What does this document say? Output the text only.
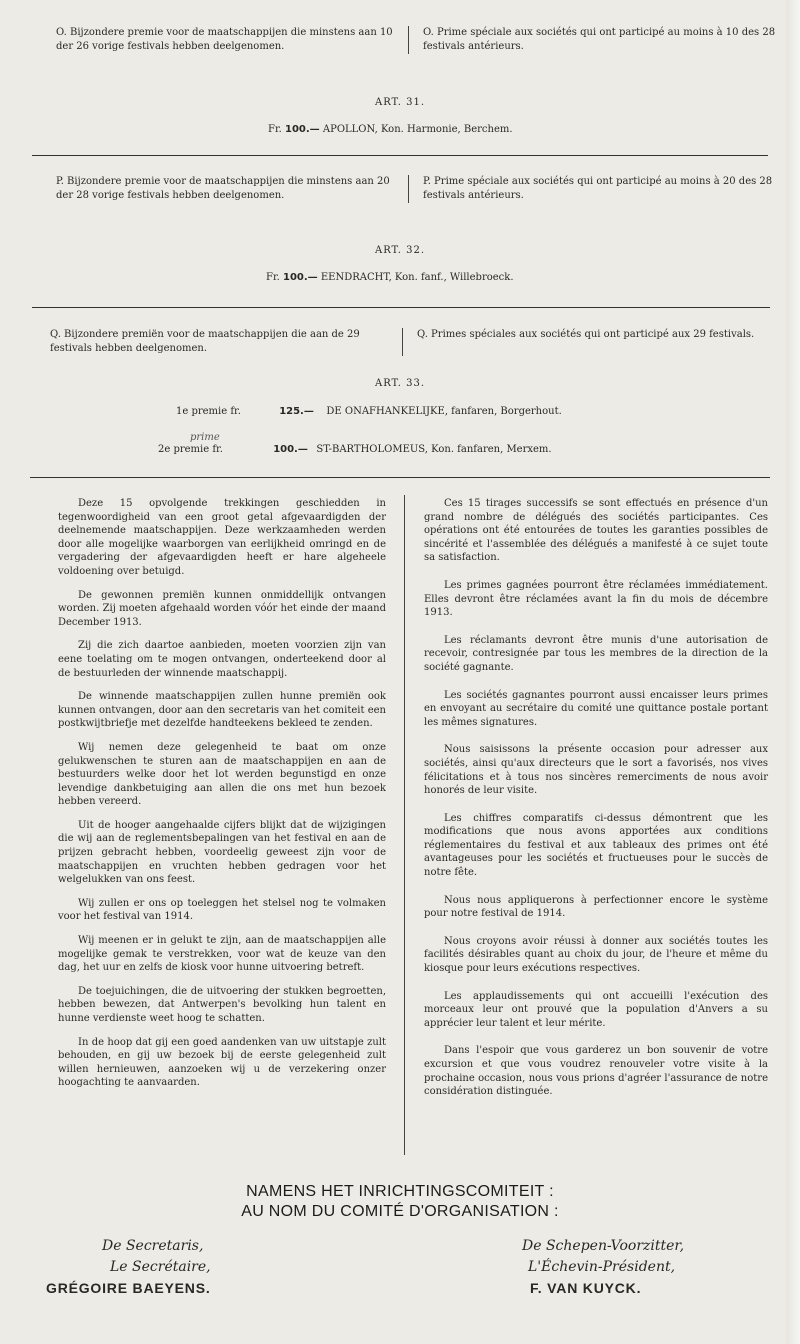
O. Bijzondere premie voor de maatschappijen die minstens aan 10 der 26 vorige festivals hebben deelgenomen.
O. Prime spéciale aux sociétés qui ont participé au moins à 10 des 28 festivals antérieurs.
ART. 31.
Fr. 100.— APOLLON, Kon. Harmonie, Berchem.
P. Bijzondere premie voor de maatschappijen die minstens aan 20 der 28 vorige festivals hebben deelgenomen.
P. Prime spéciale aux sociétés qui ont participé au moins à 20 des 28 festivals antérieurs.
ART. 32.
Fr. 100.— EENDRACHT, Kon. fanf., Willebroeck.
Q. Bijzondere premiën voor de maatschappijen die aan de 29 festivals hebben deelgenomen.
Q. Primes spéciales aux sociétés qui ont participé aux 29 festivals.
ART. 33.
1e premie fr.	125.— DE ONAFHANKELIJKE, fanfaren, Borgerhout.
prime
2e premie fr.	100.— ST-BARTHOLOMEUS, Kon. fanfaren, Merxem.

Deze 15 opvolgende trekkingen geschiedden in tegenwoordigheid van een groot getal afgevaardigden der deelnemende maatschappijen. Deze werkzaamheden werden door alle mogelijke waarborgen van eerlijkheid omringd en de vergadering der afgevaardigden heeft er hare algeheele voldoening over betuigd.

De gewonnen premiën kunnen onmiddellijk ontvangen worden. Zij moeten afgehaald worden vóór het einde der maand December 1913.

Zij die zich daartoe aanbieden, moeten voorzien zijn van eene toelating om te mogen ontvangen, onderteekend door al de bestuurleden der winnende maatschappij.

De winnende maatschappijen zullen hunne premiën ook kunnen ontvangen, door aan den secretaris van het comiteit een postkwijtbriefje met dezelfde handteekens bekleed te zenden.

Wij nemen deze gelegenheid te baat om onze gelukwenschen te sturen aan de maatschappijen en aan de bestuurders welke door het lot werden begunstigd en onze levendige dankbetuiging aan allen die ons met hun bezoek hebben vereerd.

Uit de hooger aangehaalde cijfers blijkt dat de wijzigingen die wij aan de reglementsbepalingen van het festival en aan de prijzen gebracht hebben, voordeelig geweest zijn voor de maatschappijen en vruchten hebben gedragen voor het welgelukken van ons feest.

Wij zullen er ons op toeleggen het stelsel nog te volmaken voor het festival van 1914.

Wij meenen er in gelukt te zijn, aan de maatschappijen alle mogelijke gemak te verstrekken, voor wat de keuze van den dag, het uur en zelfs de kiosk voor hunne uitvoering betreft.

De toejuichingen, die de uitvoering der stukken begroetten, hebben bewezen, dat Antwerpen's bevolking hun talent en hunne verdienste weet hoog te schatten.

In de hoop dat gij een goed aandenken van uw uitstapje zult behouden, en gij uw bezoek bij de eerste gelegenheid zult willen hernieuwen, aanzoeken wij u de verzekering onzer hoogachting te aanvaarden.

Ces 15 tirages successifs se sont effectués en présence d'un grand nombre de délégués des sociétés participantes. Ces opérations ont été entourées de toutes les garanties possibles de sincérité et l'assemblée des délégués a manifesté à ce sujet toute sa satisfaction.

Les primes gagnées pourront être réclamées immédiatement. Elles devront être réclamées avant la fin du mois de décembre 1913.

Les réclamants devront être munis d'une autorisation de recevoir, contresignée par tous les membres de la direction de la société gagnante.

Les sociétés gagnantes pourront aussi encaisser leurs primes en envoyant au secrétaire du comité une quittance postale portant les mêmes signatures.

Nous saisissons la présente occasion pour adresser aux sociétés, ainsi qu'aux directeurs que le sort a favorisés, nos vives félicitations et à tous nos sincères remerciments de nous avoir honorés de leur visite.

Les chiffres comparatifs ci-dessus démontrent que les modifications que nous avons apportées aux conditions réglementaires du festival et aux tableaux des primes ont été avantageuses pour les sociétés et fructueuses pour le succès de notre fête.

Nous nous appliquerons à perfectionner encore le système pour notre festival de 1914.

Nous croyons avoir réussi à donner aux sociétés toutes les facilités désirables quant au choix du jour, de l'heure et même du kiosque pour leurs exécutions respectives.

Les applaudissements qui ont accueilli l'exécution des morceaux leur ont prouvé que la population d'Anvers a su apprécier leur talent et leur mérite.

Dans l'espoir que vous garderez un bon souvenir de votre excursion et que vous voudrez renouveler votre visite à la prochaine occasion, nous vous prions d'agréer l'assurance de notre considération distinguée.

NAMENS HET INRICHTINGSCOMITEIT :
AU NOM DU COMITÉ D'ORGANISATION :
De Secretaris,
Le Secrétaire,
GRÉGOIRE BAEYENS.
De Schepen-Voorzitter,
L'Échevin-Président,
F. VAN KUYCK.
